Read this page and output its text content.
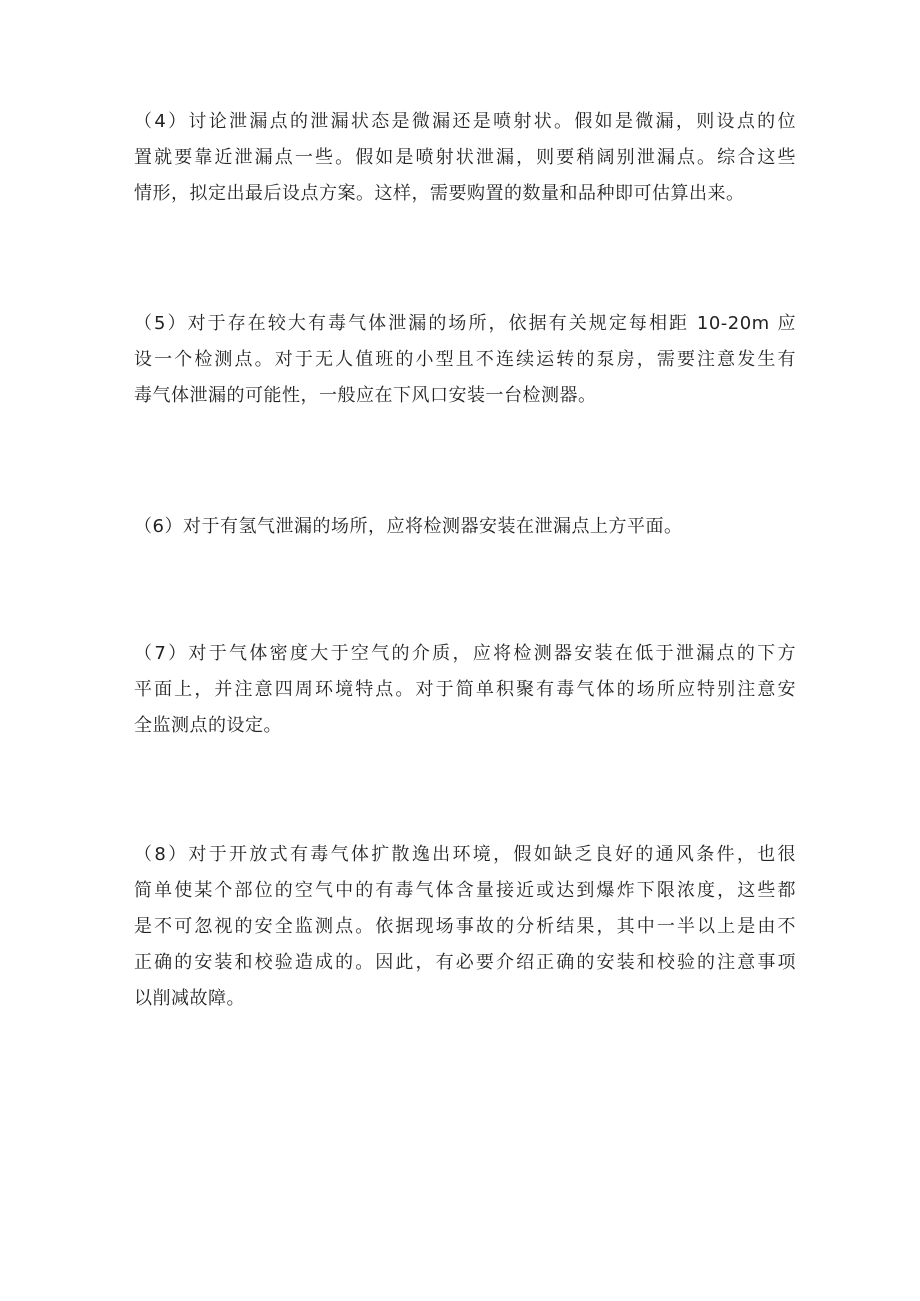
（4）讨论泄漏点的泄漏状态是微漏还是喷射状。假如是微漏，则设点的位
置就要靠近泄漏点一些。假如是喷射状泄漏，则要稍阔别泄漏点。综合这些
情形，拟定出最后设点方案。这样，需要购置的数量和品种即可估算出来。

（5）对于存在较大有毒气体泄漏的场所，依据有关规定每相距 10-20m 应
设一个检测点。对于无人值班的小型且不连续运转的泵房，需要注意发生有
毒气体泄漏的可能性，一般应在下风口安装一台检测器。

（6）对于有氢气泄漏的场所，应将检测器安装在泄漏点上方平面。

（7）对于气体密度大于空气的介质，应将检测器安装在低于泄漏点的下方
平面上，并注意四周环境特点。对于简单积聚有毒气体的场所应特别注意安
全监测点的设定。

（8）对于开放式有毒气体扩散逸出环境，假如缺乏良好的通风条件，也很
简单使某个部位的空气中的有毒气体含量接近或达到爆炸下限浓度，这些都
是不可忽视的安全监测点。依据现场事故的分析结果，其中一半以上是由不
正确的安装和校验造成的。因此，有必要介绍正确的安装和校验的注意事项
以削减故障。
